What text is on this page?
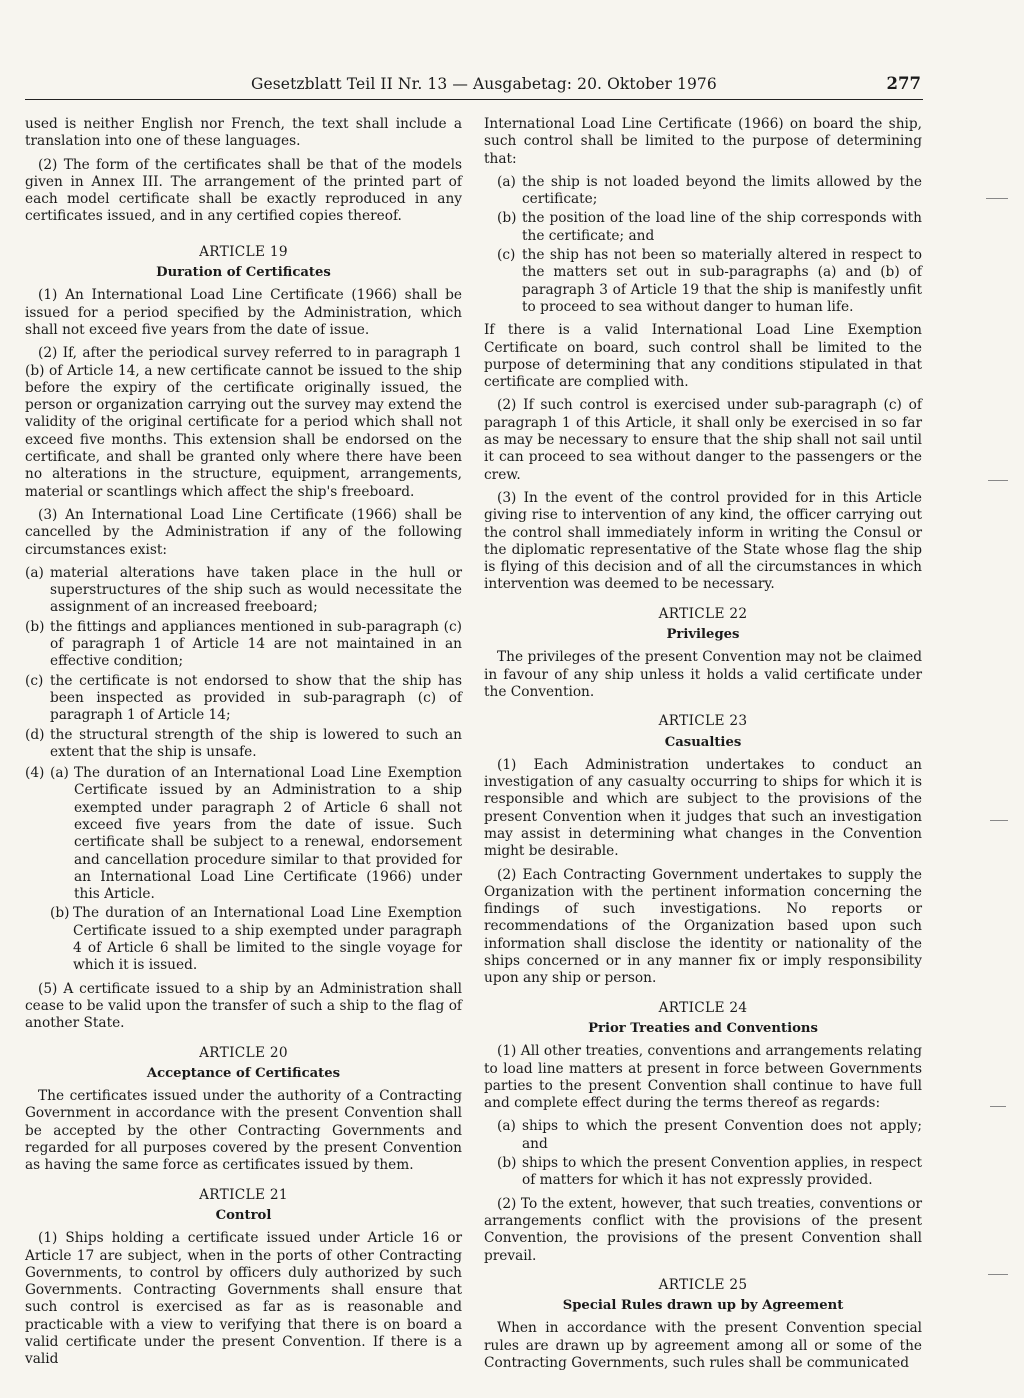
Gesetzblatt Teil II Nr. 13 — Ausgabetag: 20. Oktober 1976	277

used is neither English nor French, the text shall include a translation into one of these languages.

(2) The form of the certificates shall be that of the models given in Annex III. The arrangement of the printed part of each model certificate shall be exactly reproduced in any certificates issued, and in any certified copies thereof.

ARTICLE 19
Duration of Certificates

(1) An International Load Line Certificate (1966) shall be issued for a period specified by the Administration, which shall not exceed five years from the date of issue.

(2) If, after the periodical survey referred to in paragraph 1 (b) of Article 14, a new certificate cannot be issued to the ship before the expiry of the certificate originally issued, the person or organization carrying out the survey may extend the validity of the original certificate for a period which shall not exceed five months. This extension shall be endorsed on the certificate, and shall be granted only where there have been no alterations in the structure, equipment, arrangements, material or scantlings which affect the ship's freeboard.

(3) An International Load Line Certificate (1966) shall be cancelled by the Administration if any of the following circumstances exist:

(a) material alterations have taken place in the hull or superstructures of the ship such as would necessitate the assignment of an increased freeboard;
(b) the fittings and appliances mentioned in sub-paragraph (c) of paragraph 1 of Article 14 are not maintained in an effective condition;
(c) the certificate is not endorsed to show that the ship has been inspected as provided in sub-paragraph (c) of paragraph 1 of Article 14;
(d) the structural strength of the ship is lowered to such an extent that the ship is unsafe.
(4) (a) The duration of an International Load Line Exemption Certificate issued by an Administration to a ship exempted under paragraph 2 of Article 6 shall not exceed five years from the date of issue. Such certificate shall be subject to a renewal, endorsement and cancellation procedure similar to that provided for an International Load Line Certificate (1966) under this Article.
(b) The duration of an International Load Line Exemption Certificate issued to a ship exempted under paragraph 4 of Article 6 shall be limited to the single voyage for which it is issued.

(5) A certificate issued to a ship by an Administration shall cease to be valid upon the transfer of such a ship to the flag of another State.

ARTICLE 20
Acceptance of Certificates

The certificates issued under the authority of a Contracting Government in accordance with the present Convention shall be accepted by the other Contracting Governments and regarded for all purposes covered by the present Convention as having the same force as certificates issued by them.

ARTICLE 21
Control

(1) Ships holding a certificate issued under Article 16 or Article 17 are subject, when in the ports of other Contracting Governments, to control by officers duly authorized by such Governments. Contracting Governments shall ensure that such control is exercised as far as is reasonable and practicable with a view to verifying that there is on board a valid certificate under the present Convention. If there is a valid

International Load Line Certificate (1966) on board the ship, such control shall be limited to the purpose of determining that:

(a) the ship is not loaded beyond the limits allowed by the certificate;
(b) the position of the load line of the ship corresponds with the certificate; and
(c) the ship has not been so materially altered in respect to the matters set out in sub-paragraphs (a) and (b) of paragraph 3 of Article 19 that the ship is manifestly unfit to proceed to sea without danger to human life.

If there is a valid International Load Line Exemption Certificate on board, such control shall be limited to the purpose of determining that any conditions stipulated in that certificate are complied with.

(2) If such control is exercised under sub-paragraph (c) of paragraph 1 of this Article, it shall only be exercised in so far as may be necessary to ensure that the ship shall not sail until it can proceed to sea without danger to the passengers or the crew.

(3) In the event of the control provided for in this Article giving rise to intervention of any kind, the officer carrying out the control shall immediately inform in writing the Consul or the diplomatic representative of the State whose flag the ship is flying of this decision and of all the circumstances in which intervention was deemed to be necessary.

ARTICLE 22
Privileges

The privileges of the present Convention may not be claimed in favour of any ship unless it holds a valid certificate under the Convention.

ARTICLE 23
Casualties

(1) Each Administration undertakes to conduct an investigation of any casualty occurring to ships for which it is responsible and which are subject to the provisions of the present Convention when it judges that such an investigation may assist in determining what changes in the Convention might be desirable.

(2) Each Contracting Government undertakes to supply the Organization with the pertinent information concerning the findings of such investigations. No reports or recommendations of the Organization based upon such information shall disclose the identity or nationality of the ships concerned or in any manner fix or imply responsibility upon any ship or person.

ARTICLE 24
Prior Treaties and Conventions

(1) All other treaties, conventions and arrangements relating to load line matters at present in force between Governments parties to the present Convention shall continue to have full and complete effect during the terms thereof as regards:

(a) ships to which the present Convention does not apply; and
(b) ships to which the present Convention applies, in respect of matters for which it has not expressly provided.

(2) To the extent, however, that such treaties, conventions or arrangements conflict with the provisions of the present Convention, the provisions of the present Convention shall prevail.

ARTICLE 25
Special Rules drawn up by Agreement

When in accordance with the present Convention special rules are drawn up by agreement among all or some of the Contracting Governments, such rules shall be communicated
